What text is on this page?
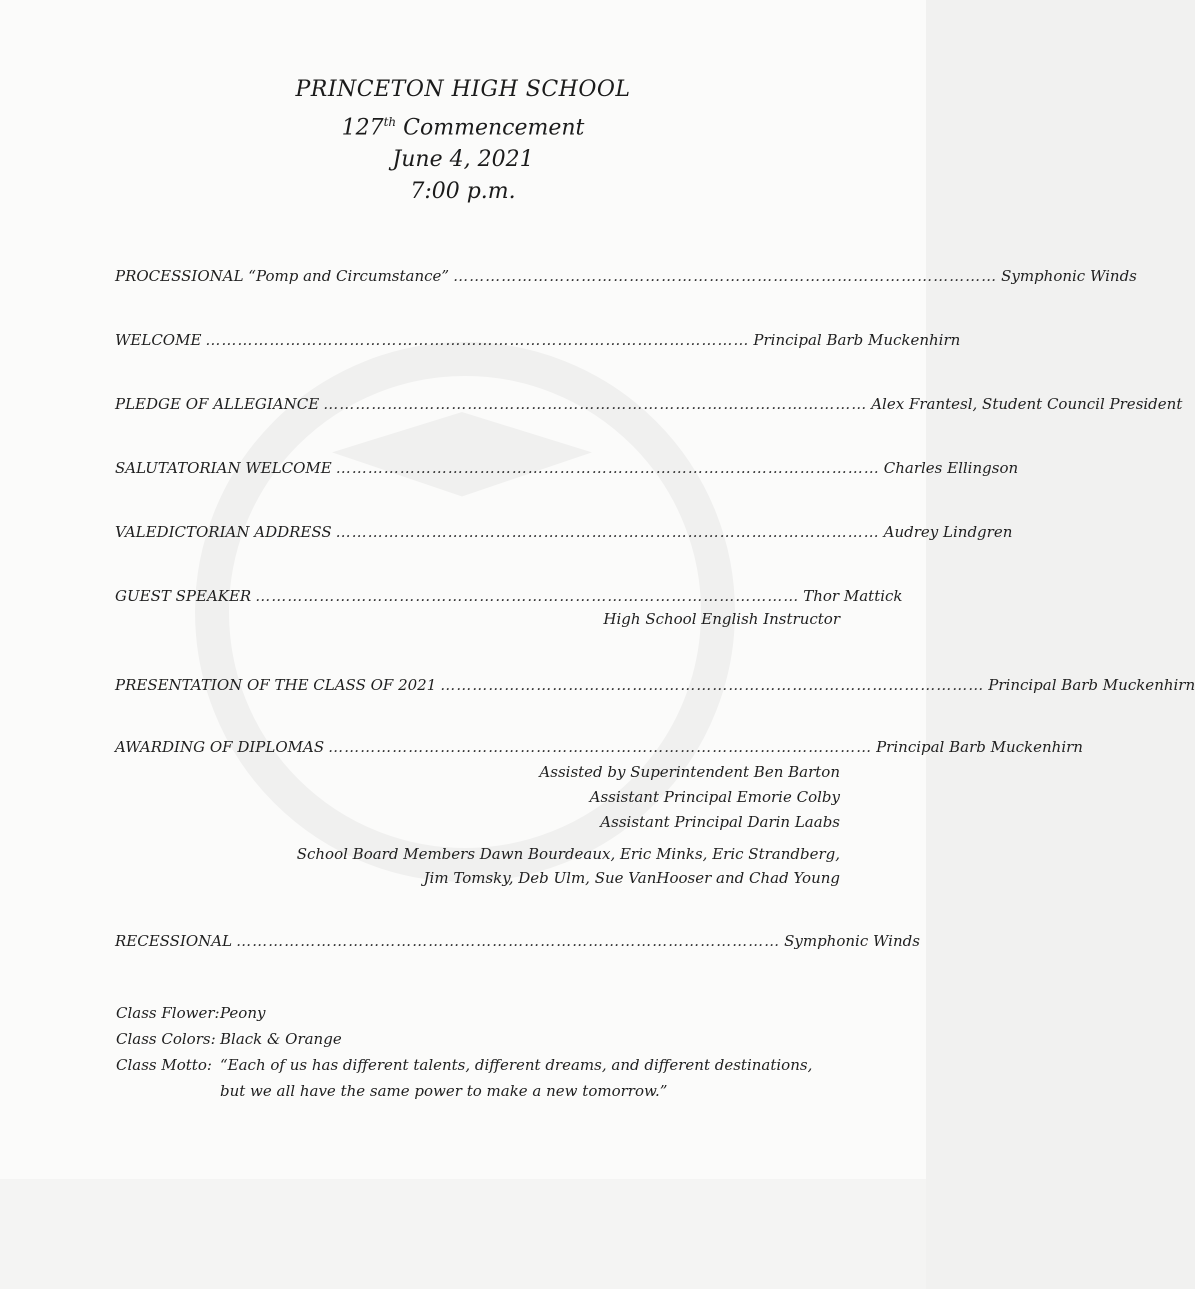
PRINCETON HIGH SCHOOL
127th Commencement
June 4, 2021
7:00 p.m.
PROCESSIONAL “Pomp and Circumstance” ………………………………………………………………………………………… Symphonic Winds
WELCOME ………………………………………………………………………………………… Principal Barb Muckenhirn
PLEDGE OF ALLEGIANCE ………………………………………………………………………………………… Alex Frantesl, Student Council President
SALUTATORIAN WELCOME ………………………………………………………………………………………… Charles Ellingson
VALEDICTORIAN ADDRESS ………………………………………………………………………………………… Audrey Lindgren
GUEST SPEAKER ………………………………………………………………………………………… Thor Mattick
High School English Instructor
PRESENTATION OF THE CLASS OF 2021 ………………………………………………………………………………………… Principal Barb Muckenhirn
AWARDING OF DIPLOMAS ………………………………………………………………………………………… Principal Barb Muckenhirn
Assisted by Superintendent Ben Barton
Assistant Principal Emorie Colby
Assistant Principal Darin Laabs
School Board Members Dawn Bourdeaux, Eric Minks, Eric Strandberg,
Jim Tomsky, Deb Ulm, Sue VanHooser and Chad Young
RECESSIONAL ………………………………………………………………………………………… Symphonic Winds
Class Flower: Peony
Class Colors: Black & Orange
Class Motto: “Each of us has different talents, different dreams, and different destinations,
but we all have the same power to make a new tomorrow.”
